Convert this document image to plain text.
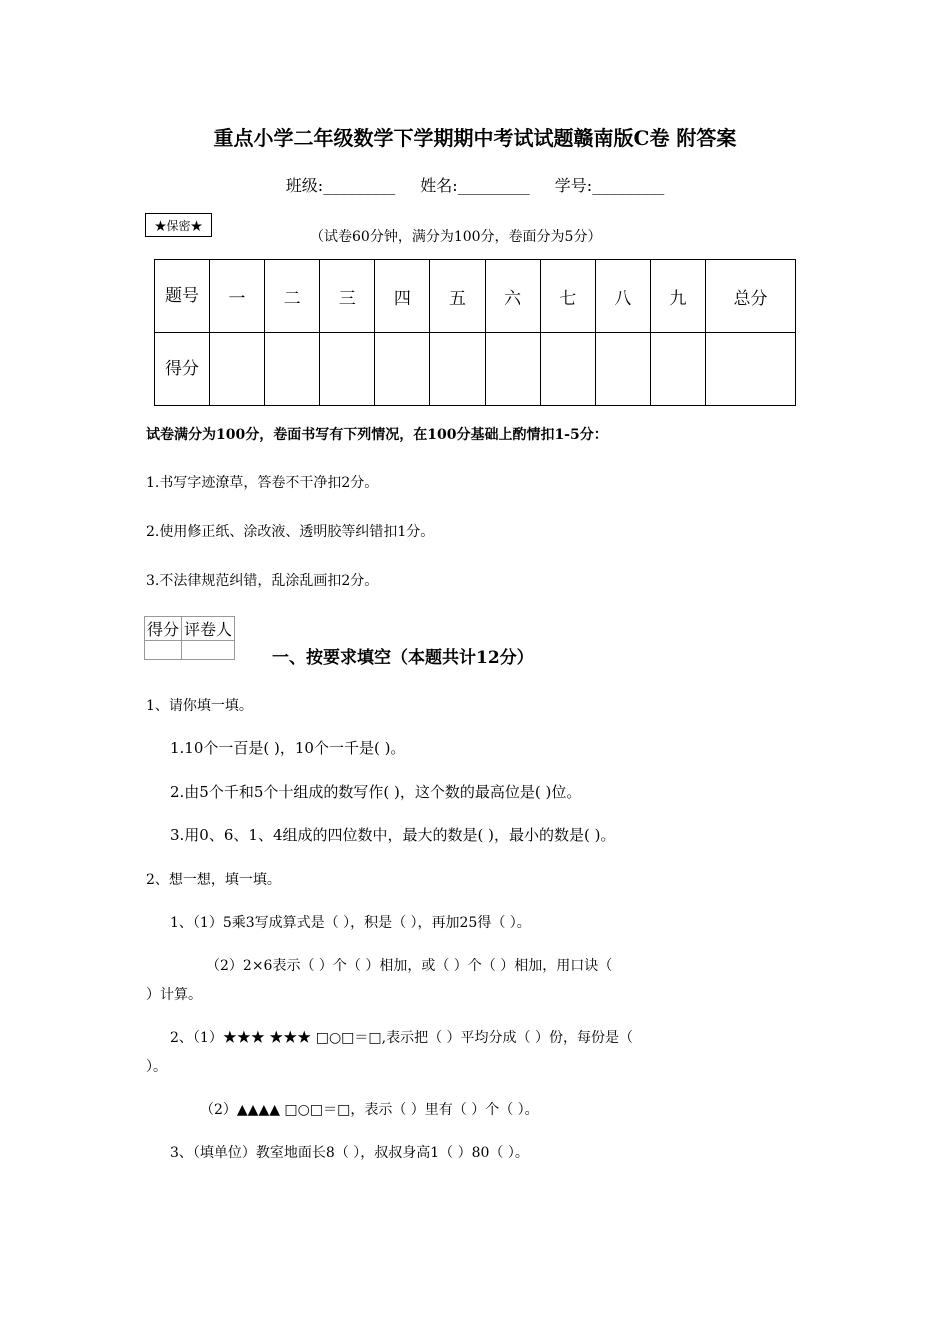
重点小学二年级数学下学期期中考试试题赣南版C卷 附答案
班级:_________ 姓名:_________ 学号:_________
★保密★
（试卷60分钟，满分为100分，卷面分为5分）
题号	一	二	三	四	五	六	七	八	九	总分
得分										
试卷满分为100分，卷面书写有下列情况，在100分基础上酌情扣1-5分：
1.书写字迹潦草，答卷不干净扣2分。
2.使用修正纸、涂改液、透明胶等纠错扣1分。
3.不法律规范纠错，乱涂乱画扣2分。
得分	评卷人

一、按要求填空（本题共计12分）
1、请你填一填。
1.10个一百是( )，10个一千是( )。
2.由5个千和5个十组成的数写作( )，这个数的最高位是( )位。
3.用0、6、1、4组成的四位数中，最大的数是( )，最小的数是( )。
2、想一想，填一填。
1、（1）5乘3写成算式是（ ），积是（ ），再加25得（ ）。
（2）2×6表示（ ）个（ ）相加，或（ ）个（ ）相加，用口诀（
）计算。
2、（1）★★★ ★★★ □○□＝□,表示把（ ）平均分成（ ）份，每份是（
）。
（2）▲▲▲▲ □○□＝□，表示（ ）里有（ ）个（ ）。
3、（填单位）教室地面长8（ ），叔叔身高1（ ）80（ ）。
